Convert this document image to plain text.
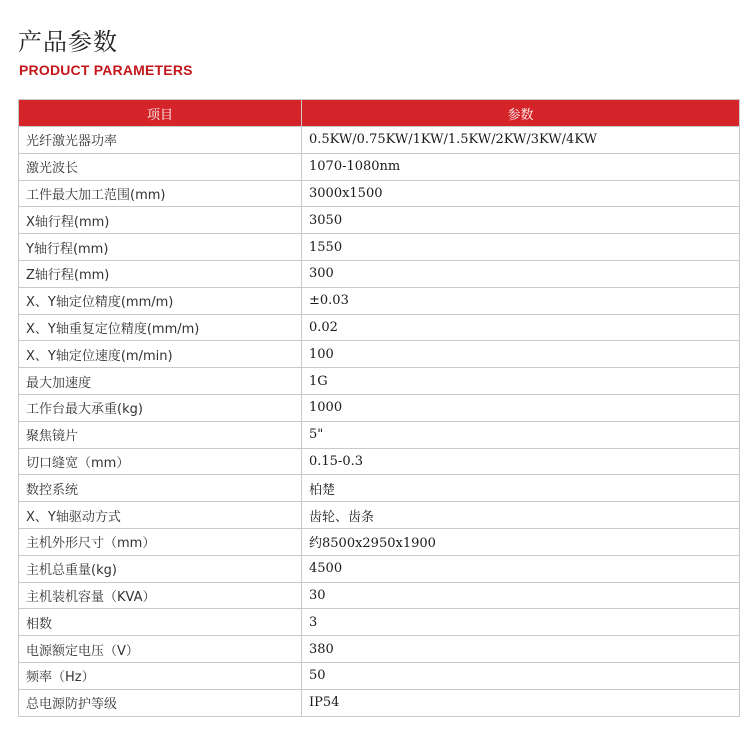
产品参数
PRODUCT PARAMETERS
项目	参数
光纤激光器功率	0.5KW/0.75KW/1KW/1.5KW/2KW/3KW/4KW
激光波长	1070-1080nm
工件最大加工范围(mm)	3000x1500
X轴行程(mm)	3050
Y轴行程(mm)	1550
Z轴行程(mm)	300
X、Y轴定位精度(mm/m)	±0.03
X、Y轴重复定位精度(mm/m)	0.02
X、Y轴定位速度(m/min)	100
最大加速度	1G
工作台最大承重(kg)	1000
聚焦镜片	5"
切口缝宽（mm）	0.15-0.3
数控系统	柏楚
X、Y轴驱动方式	齿轮、齿条
主机外形尺寸（mm）	约8500x2950x1900
主机总重量(kg)	4500
主机装机容量（KVA）	30
相数	3
电源额定电压（V）	380
频率（Hz）	50
总电源防护等级	IP54
